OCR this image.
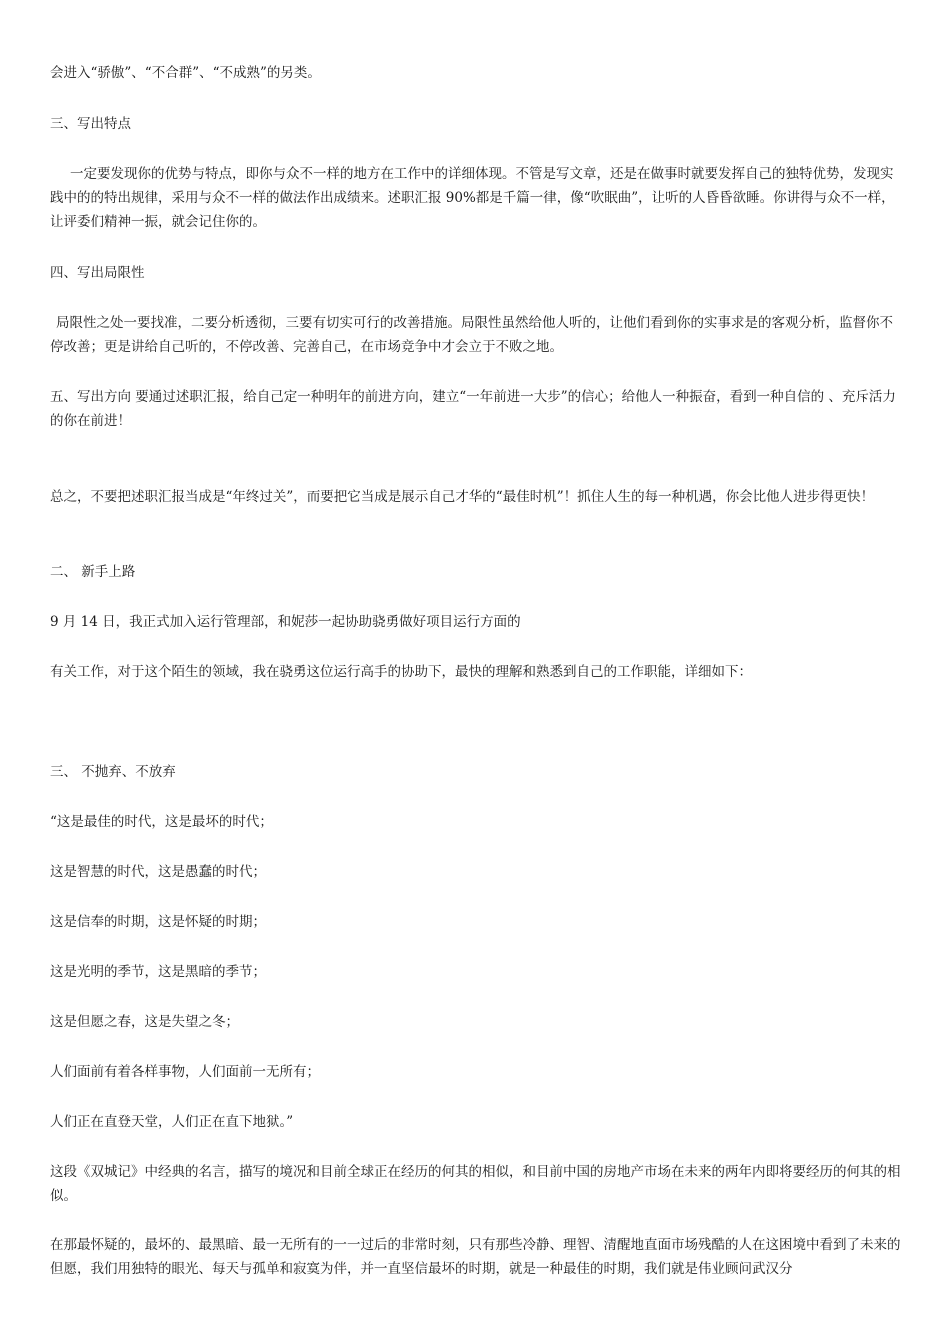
会进入“骄傲”、“不合群”、“不成熟”的另类。

三、写出特点

一定要发现你的优势与特点，即你与众不一样的地方在工作中的详细体现。不管是写文章，还是在做事时就要发挥自己的独特优势，发现实践中的的特出规律，采用与众不一样的做法作出成绩来。述职汇报 90%都是千篇一律，像“吹眠曲”，让听的人昏昏欲睡。你讲得与众不一样，让评委们精神一振，就会记住你的。

四、写出局限性

局限性之处一要找准，二要分析透彻，三要有切实可行的改善措施。局限性虽然给他人听的，让他们看到你的实事求是的客观分析，监督你不停改善；更是讲给自己听的，不停改善、完善自己，在市场竞争中才会立于不败之地。

五、写出方向 要通过述职汇报，给自己定一种明年的前进方向，建立“一年前进一大步”的信心；给他人一种振奋，看到一种自信的 、充斥活力的你在前进！

总之，不要把述职汇报当成是“年终过关”，而要把它当成是展示自己才华的“最佳时机”！抓住人生的每一种机遇，你会比他人进步得更快！

二、 新手上路

9 月 14 日，我正式加入运行管理部，和妮莎一起协助骁勇做好项目运行方面的

有关工作，对于这个陌生的领域，我在骁勇这位运行高手的协助下，最快的理解和熟悉到自己的工作职能，详细如下：

三、 不抛弃、不放弃

“这是最佳的时代，这是最坏的时代；

这是智慧的时代，这是愚蠢的时代；

这是信奉的时期，这是怀疑的时期；

这是光明的季节，这是黑暗的季节；

这是但愿之春，这是失望之冬；

人们面前有着各样事物，人们面前一无所有；

人们正在直登天堂，人们正在直下地狱。”

这段《双城记》中经典的名言，描写的境况和目前全球正在经历的何其的相似，和目前中国的房地产市场在未来的两年内即将要经历的何其的相似。

在那最怀疑的，最坏的、最黑暗、最一无所有的一一过后的非常时刻，只有那些冷静、理智、清醒地直面市场残酷的人在这困境中看到了未来的但愿，我们用独特的眼光、每天与孤单和寂寞为伴，并一直坚信最坏的时期，就是一种最佳的时期，我们就是伟业顾问武汉分
